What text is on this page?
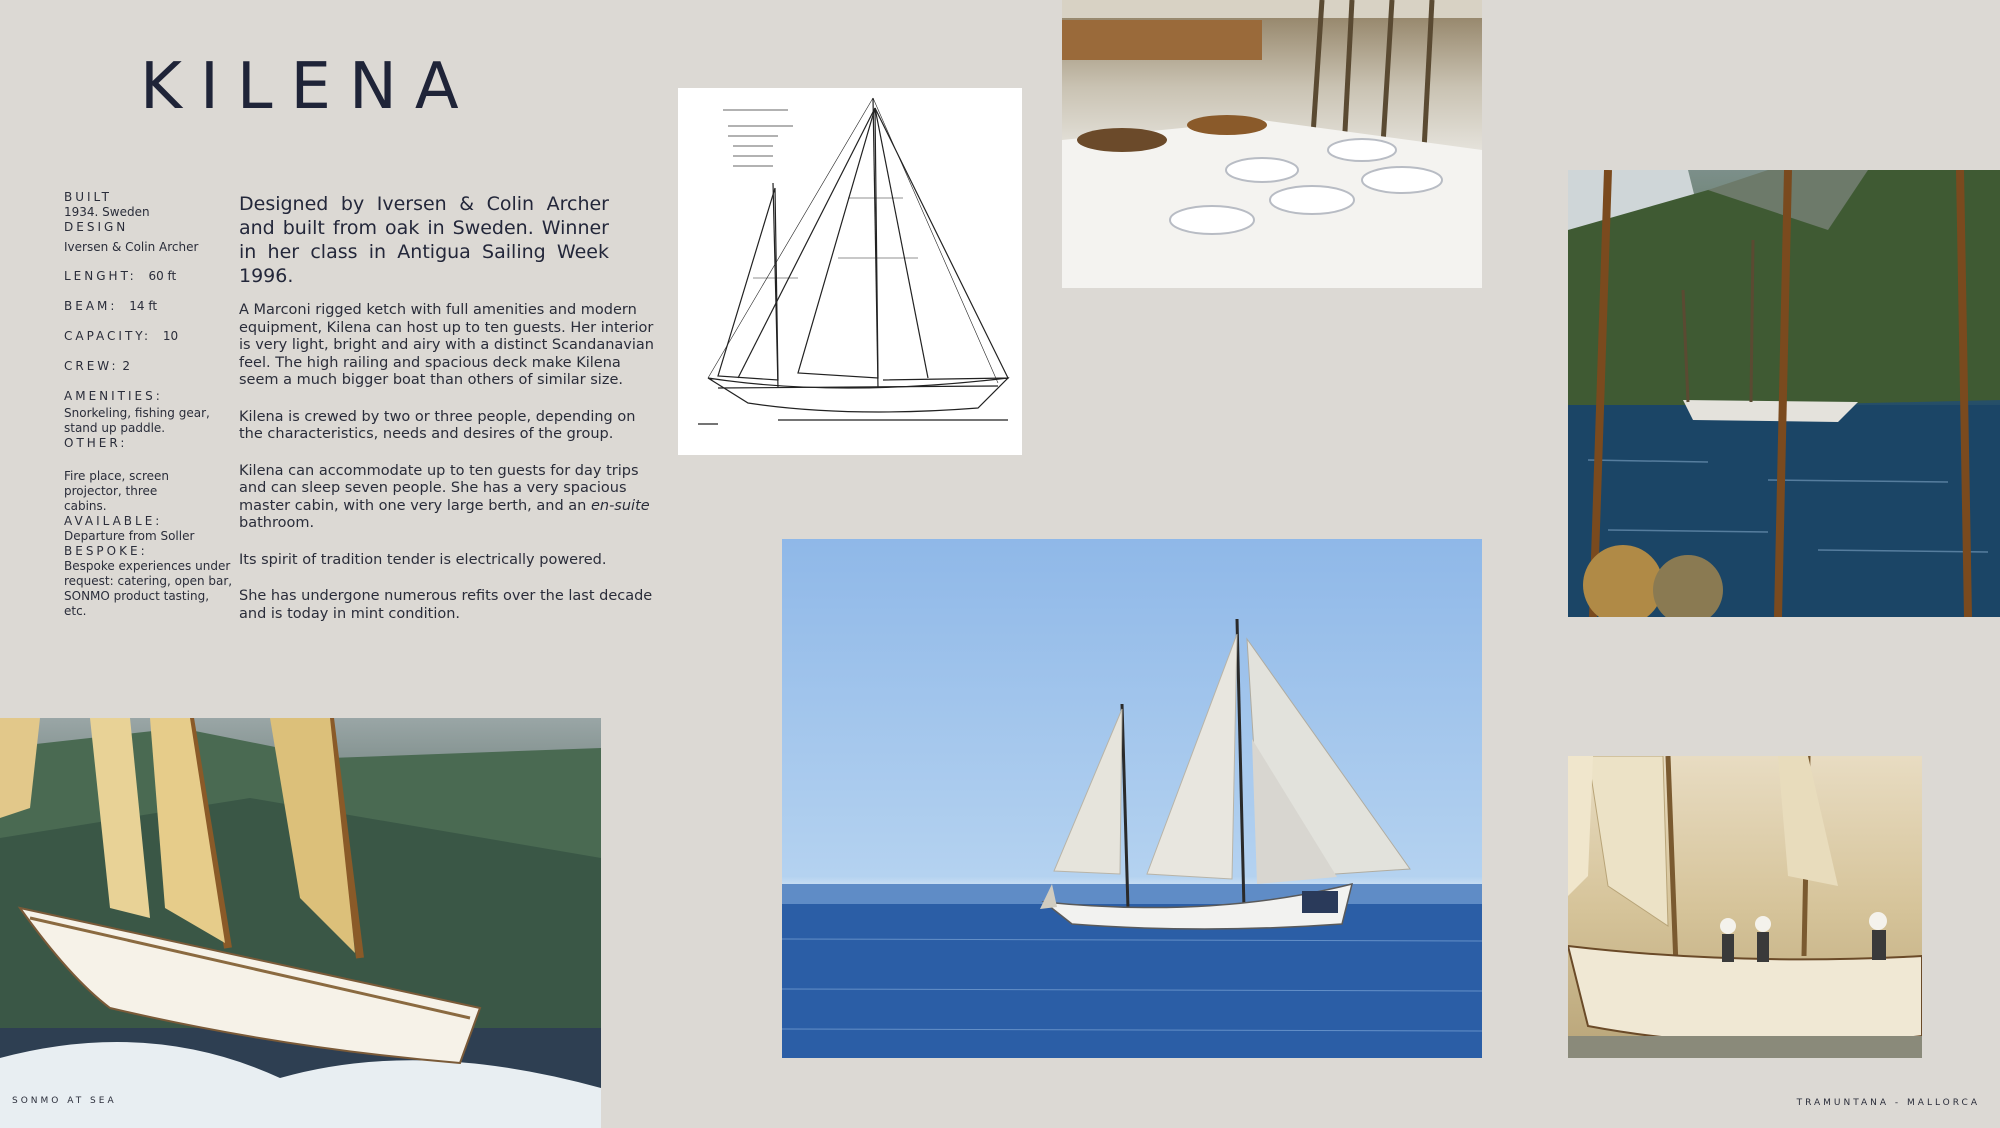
KILENA
BUILT
1934. Sweden
DESIGN
Iversen & Colin Archer
LENGHT: 60 ft
BEAM: 14 ft
CAPACITY: 10
CREW: 2
AMENITIES:
Snorkeling, fishing gear, stand up paddle.
OTHER:
Fire place, screen projector, three cabins.
AVAILABLE:
Departure from Soller
BESPOKE:
Bespoke experiences under request: catering, open bar, SONMO product tasting, etc.
Designed by Iversen & Colin Archer and built from oak in Sweden. Winner in her class in Antigua Sailing Week 1996.

A Marconi rigged ketch with full amenities and modern equipment, Kilena can host up to ten guests. Her interior is very light, bright and airy with a distinct Scandanavian feel. The high railing and spacious deck make Kilena seem a much bigger boat than others of similar size.

Kilena is crewed by two or three people, depending on the characteristics, needs and desires of the group.

Kilena can accommodate up to ten guests for day trips and can sleep seven people. She has a very spacious master cabin, with one very large berth, and an en-suite bathroom.

Its spirit of tradition tender is electrically powered.

She has undergone numerous refits over the last decade and is today in mint condition.

SONMO AT SEA	TRAMUNTANA - MALLORCA
